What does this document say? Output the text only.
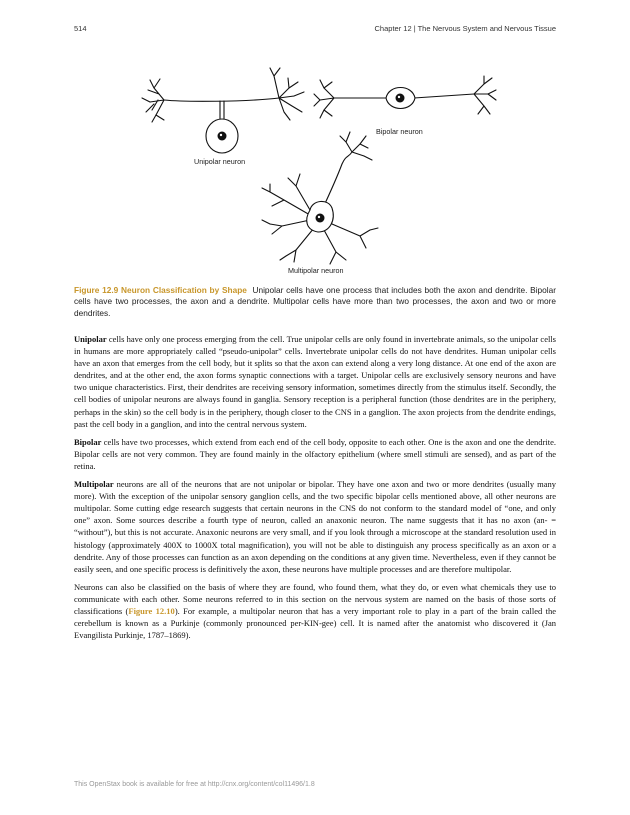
514	Chapter 12 | The Nervous System and Nervous Tissue
Unipolar neuron
Bipolar neuron
Multipolar neuron
Figure 12.9 Neuron Classification by Shape Unipolar cells have one process that includes both the axon and dendrite. Bipolar cells have two processes, the axon and a dendrite. Multipolar cells have more than two processes, the axon and two or more dendrites.

Unipolar cells have only one process emerging from the cell. True unipolar cells are only found in invertebrate animals, so the unipolar cells in humans are more appropriately called “pseudo-unipolar” cells. Invertebrate unipolar cells do not have dendrites. Human unipolar cells have an axon that emerges from the cell body, but it splits so that the axon can extend along a very long distance. At one end of the axon are dendrites, and at the other end, the axon forms synaptic connections with a target. Unipolar cells are exclusively sensory neurons and have two unique characteristics. First, their dendrites are receiving sensory information, sometimes directly from the stimulus itself. Secondly, the cell bodies of unipolar neurons are always found in ganglia. Sensory reception is a peripheral function (those dendrites are in the periphery, perhaps in the skin) so the cell body is in the periphery, though closer to the CNS in a ganglion. The axon projects from the dendrite endings, past the cell body in a ganglion, and into the central nervous system.

Bipolar cells have two processes, which extend from each end of the cell body, opposite to each other. One is the axon and one the dendrite. Bipolar cells are not very common. They are found mainly in the olfactory epithelium (where smell stimuli are sensed), and as part of the retina.

Multipolar neurons are all of the neurons that are not unipolar or bipolar. They have one axon and two or more dendrites (usually many more). With the exception of the unipolar sensory ganglion cells, and the two specific bipolar cells mentioned above, all other neurons are multipolar. Some cutting edge research suggests that certain neurons in the CNS do not conform to the standard model of “one, and only one” axon. Some sources describe a fourth type of neuron, called an anaxonic neuron. The name suggests that it has no axon (an- = “without”), but this is not accurate. Anaxonic neurons are very small, and if you look through a microscope at the standard resolution used in histology (approximately 400X to 1000X total magnification), you will not be able to distinguish any process specifically as an axon or a dendrite. Any of those processes can function as an axon depending on the conditions at any given time. Nevertheless, even if they cannot be easily seen, and one specific process is definitively the axon, these neurons have multiple processes and are therefore multipolar.

Neurons can also be classified on the basis of where they are found, who found them, what they do, or even what chemicals they use to communicate with each other. Some neurons referred to in this section on the nervous system are named on the basis of those sorts of classifications (Figure 12.10). For example, a multipolar neuron that has a very important role to play in a part of the brain called the cerebellum is known as a Purkinje (commonly pronounced per-KIN-gee) cell. It is named after the anatomist who discovered it (Jan Evangilista Purkinje, 1787–1869).

This OpenStax book is available for free at http://cnx.org/content/col11496/1.8
